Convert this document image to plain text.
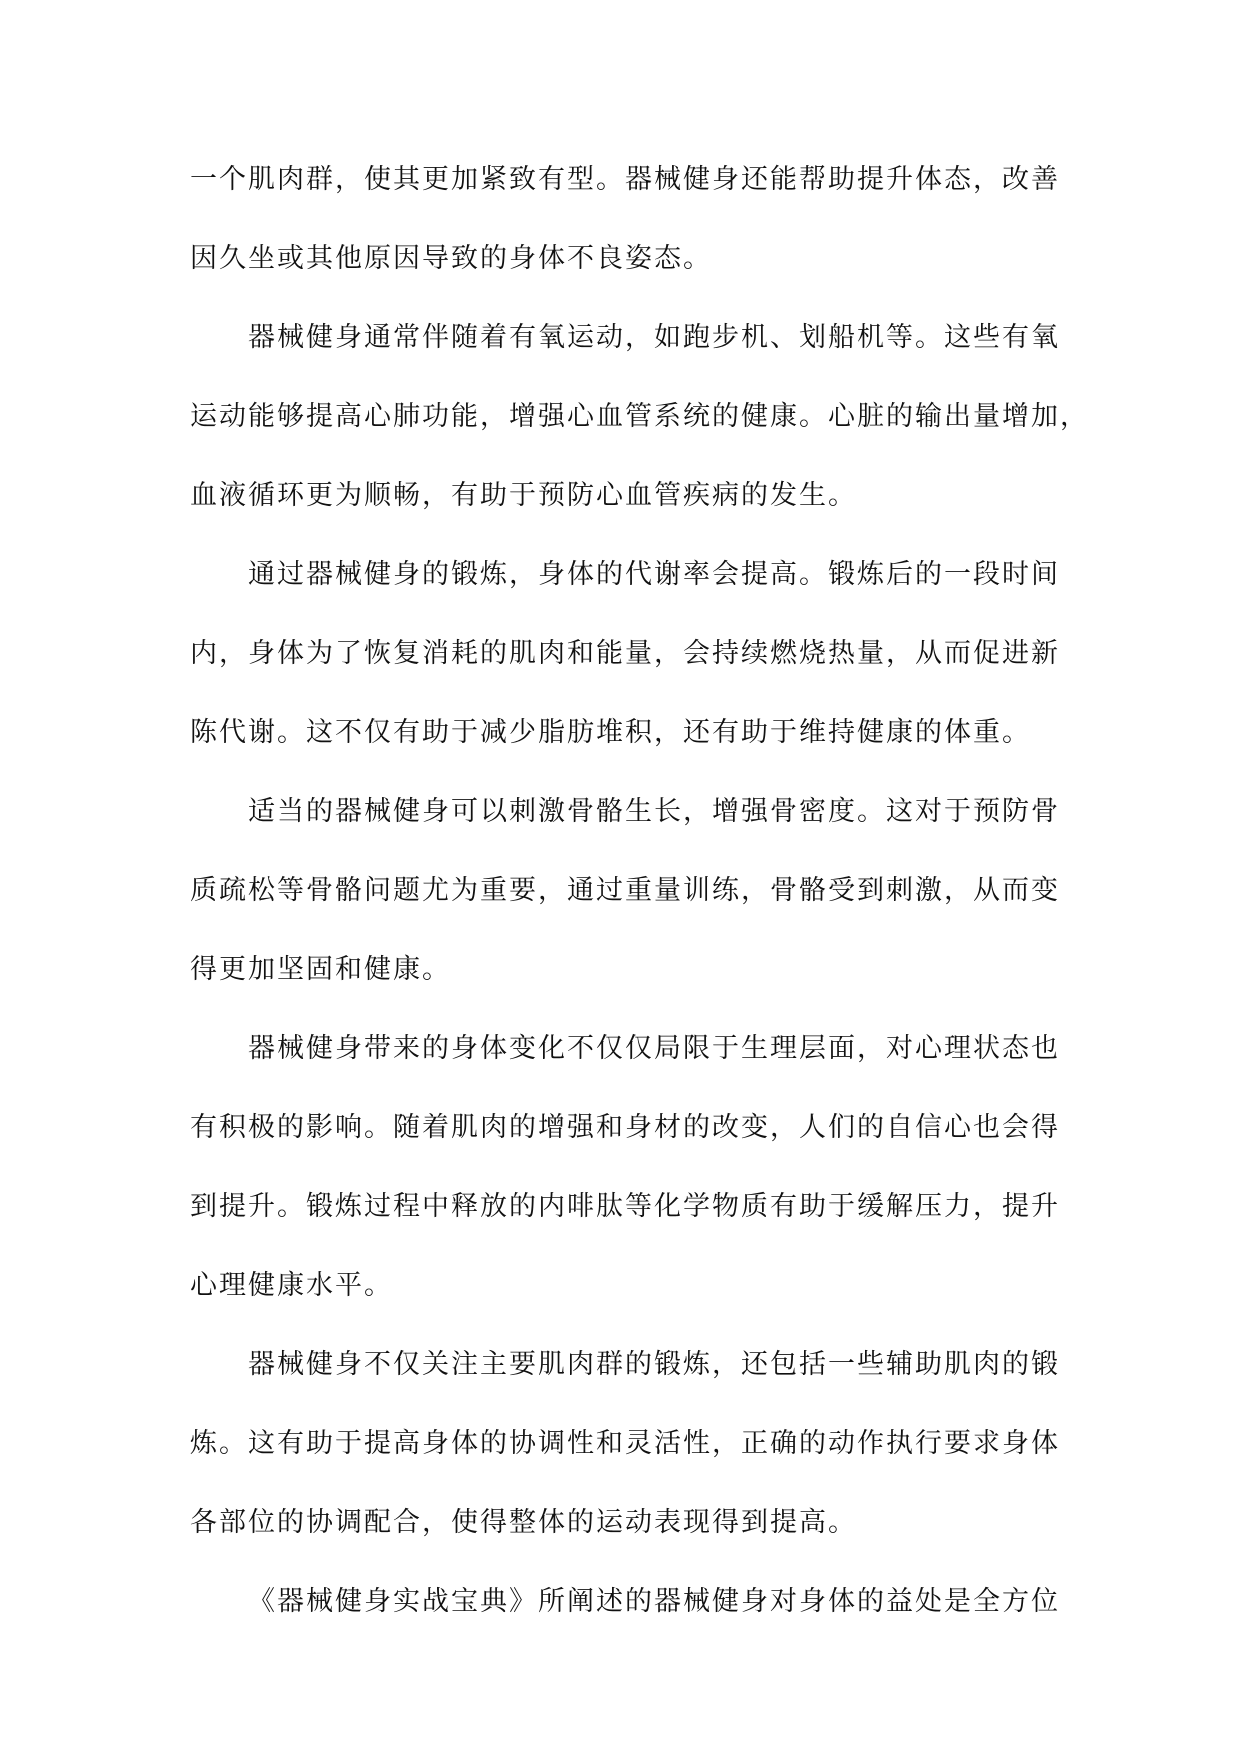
一个肌肉群，使其更加紧致有型。器械健身还能帮助提升体态，改善
因久坐或其他原因导致的身体不良姿态。
器械健身通常伴随着有氧运动，如跑步机、划船机等。这些有氧
运动能够提高心肺功能，增强心血管系统的健康。心脏的输出量增加，
血液循环更为顺畅，有助于预防心血管疾病的发生。
通过器械健身的锻炼，身体的代谢率会提高。锻炼后的一段时间
内，身体为了恢复消耗的肌肉和能量，会持续燃烧热量，从而促进新
陈代谢。这不仅有助于减少脂肪堆积，还有助于维持健康的体重。
适当的器械健身可以刺激骨骼生长，增强骨密度。这对于预防骨
质疏松等骨骼问题尤为重要，通过重量训练，骨骼受到刺激，从而变
得更加坚固和健康。
器械健身带来的身体变化不仅仅局限于生理层面，对心理状态也
有积极的影响。随着肌肉的增强和身材的改变，人们的自信心也会得
到提升。锻炼过程中释放的内啡肽等化学物质有助于缓解压力，提升
心理健康水平。
器械健身不仅关注主要肌肉群的锻炼，还包括一些辅助肌肉的锻
炼。这有助于提高身体的协调性和灵活性，正确的动作执行要求身体
各部位的协调配合，使得整体的运动表现得到提高。
《器械健身实战宝典》所阐述的器械健身对身体的益处是全方位
